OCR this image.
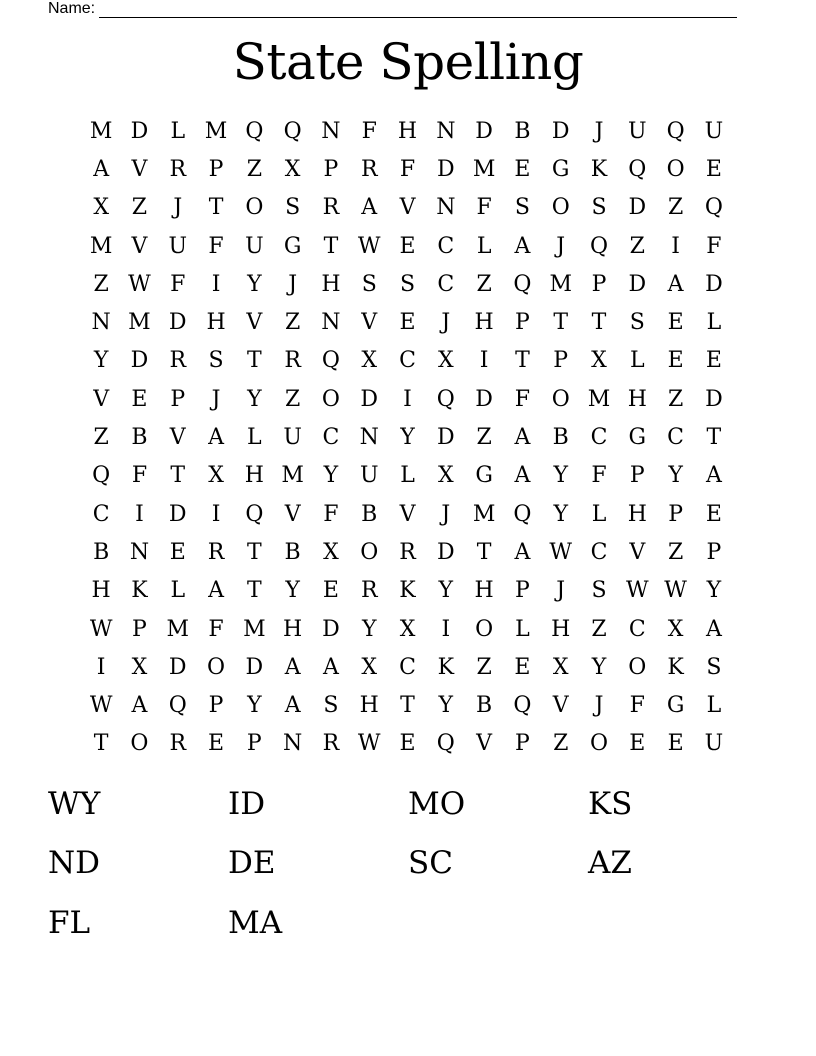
Name:
State Spelling
M D	L M Q Q N F H N D B D	J	U Q U
A	V	R	P	Z	X	P	R	F D M E G K Q O E
X	Z	J	T O S	R	A	V N F	S O S D Z Q
M V U F U G	T W E C	L	A	J	Q Z	I	F
Z W F	I	Y	J	H S	S	C	Z Q M P	D A D
N M D H V	Z N V	E	J	H P	T	T	S	E	L
Y	D R	S	T	R Q X	C	X	I	T	P	X	L	E	E
V	E	P	J	Y	Z O D	I	Q D F O M H Z D
Z	B	V	A	L U C N Y	D Z	A	B C G C	T
Q F	T	X H M Y U L	X G A	Y	F	P	Y	A
C	I	D	I	Q V	F	B	V	J	M Q	Y	L H P	E
B N E R	T	B	X O R D	T	A W C V	Z	P
H K	L	A	T	Y	E R K	Y H P	J	S W W Y
W P M F M H D	Y	X	I	O L H Z	C	X	A
I	X D O D A	A	X	C K	Z	E	X	Y	O K	S
W A Q P	Y	A	S H T	Y	B Q V	J	F G	L
T O R E	P N R W E Q V	P	Z O E	E U
WY	ID	MO	KS
ND	DE	SC	AZ
FL	MA
